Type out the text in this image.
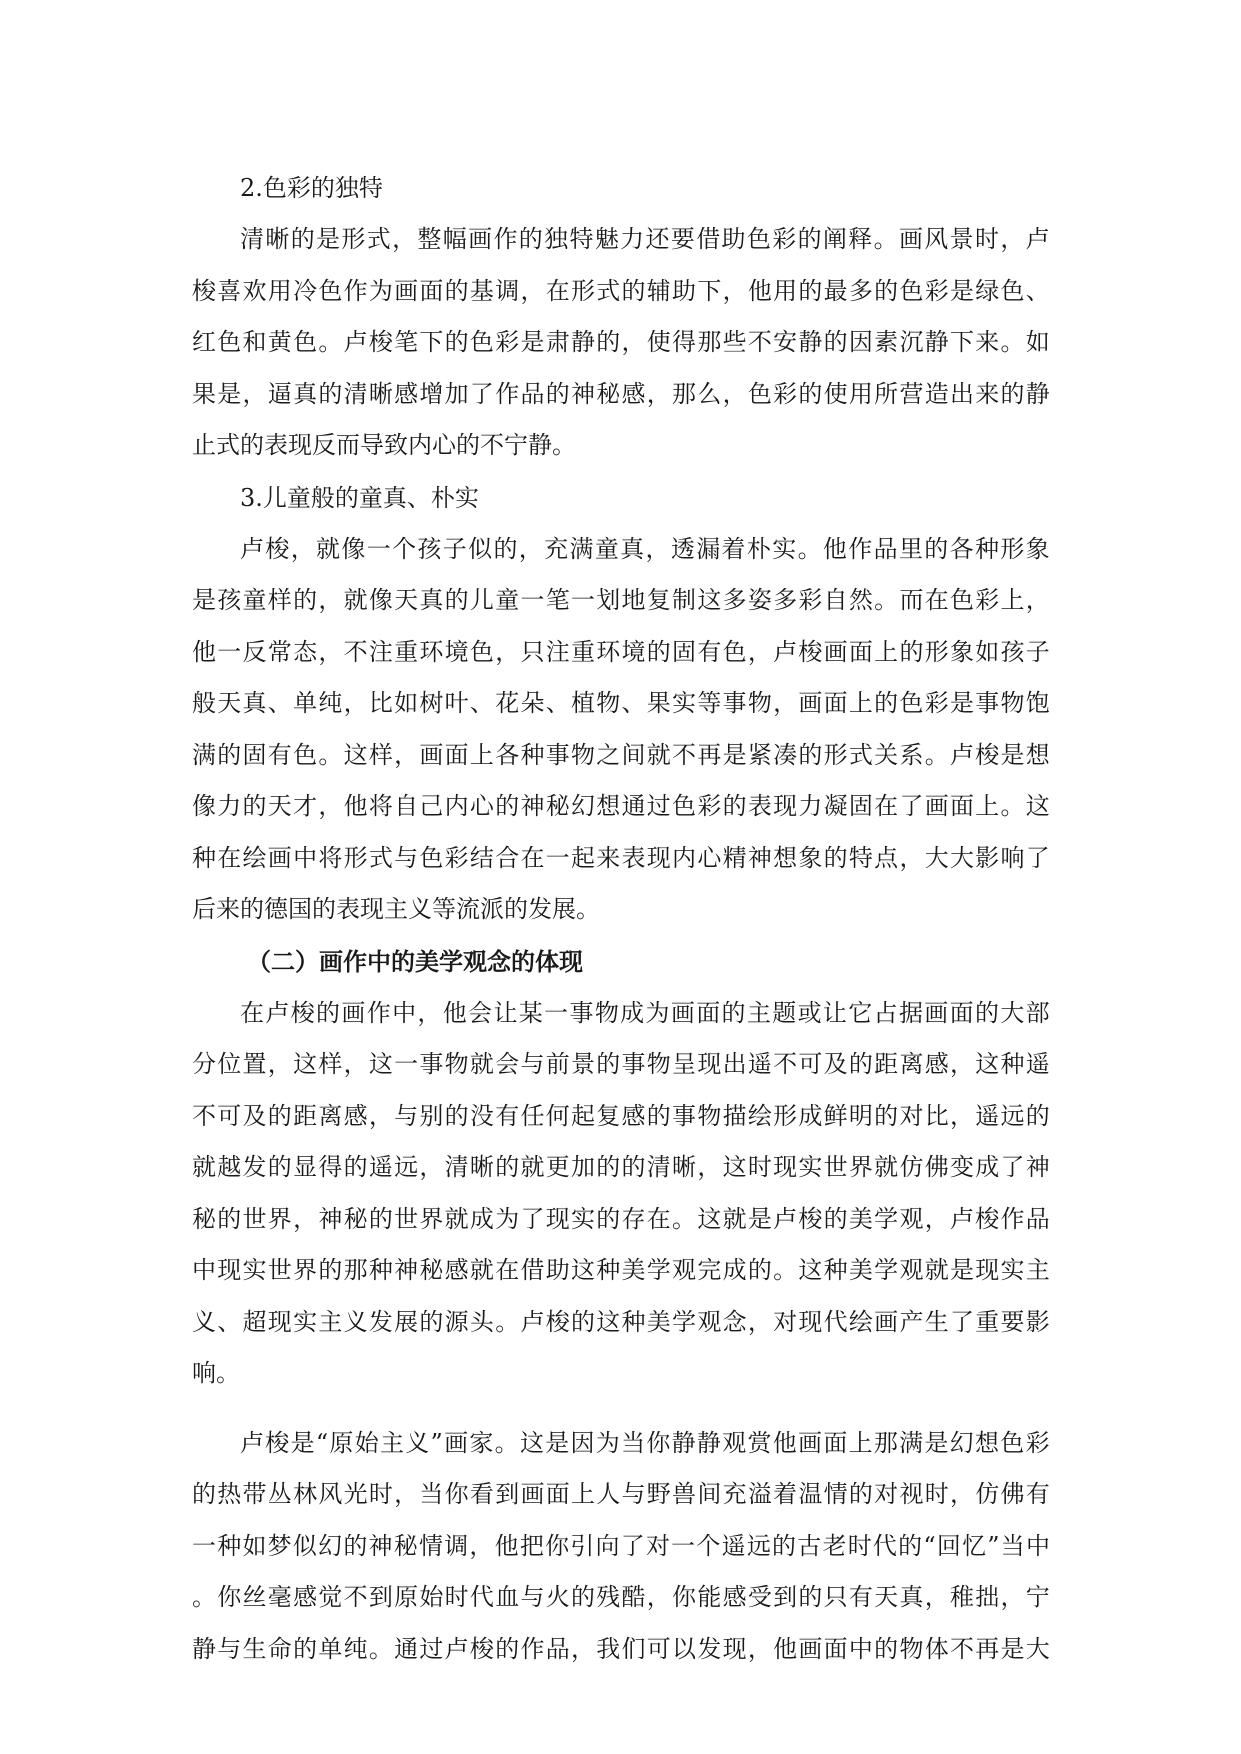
2.色彩的独特
清 晰 的 是 形 式 ， 整 幅 画 作 的 独 特 魅 力 还 要 借 助 色 彩 的 阐 释 。 画 风 景 时 ， 卢
梭 喜 欢 用 冷 色 作 为 画 面 的 基 调 ， 在 形 式 的 辅 助 下 ， 他 用 的 最 多 的 色 彩 是 绿 色 、
红 色 和 黄 色 。 卢 梭 笔 下 的 色 彩 是 肃 静 的 ， 使 得 那 些 不 安 静 的 因 素 沉 静 下 来 。 如
果 是 ， 逼 真 的 清 晰 感 增 加 了 作 品 的 神 秘 感 ， 那 么 ， 色 彩 的 使 用 所 营 造 出 来 的 静
止式的表现反而导致内心的不宁静。
3.儿童般的童真、朴实
卢 梭 ， 就 像 一 个 孩 子 似 的 ， 充 满 童 真 ， 透 漏 着 朴 实 。 他 作 品 里 的 各 种 形 象
是 孩 童 样 的 ， 就 像 天 真 的 儿 童 一 笔 一 划 地 复 制 这 多 姿 多 彩 自 然 。 而 在 色 彩 上 ，
他 一 反 常 态 ， 不 注 重 环 境 色 ， 只 注 重 环 境 的 固 有 色 ， 卢 梭 画 面 上 的 形 象 如 孩 子
般 天 真 、 单 纯 ， 比 如 树 叶 、 花 朵 、 植 物 、 果 实 等 事 物 ， 画 面 上 的 色 彩 是 事 物 饱
满 的 固 有 色 。 这 样 ， 画 面 上 各 种 事 物 之 间 就 不 再 是 紧 凑 的 形 式 关 系 。 卢 梭 是 想
像 力 的 天 才 ， 他 将 自 己 内 心 的 神 秘 幻 想 通 过 色 彩 的 表 现 力 凝 固 在 了 画 面 上 。 这
种 在 绘 画 中 将 形 式 与 色 彩 结 合 在 一 起 来 表 现 内 心 精 神 想 象 的 特 点 ， 大 大 影 响 了
后来的德国的表现主义等流派的发展。
（二）画作中的美学观念的体现
在 卢 梭 的 画 作 中 ， 他 会 让 某 一 事 物 成 为 画 面 的 主 题 或 让 它 占 据 画 面 的 大 部
分 位 置 ， 这 样 ， 这 一 事 物 就 会 与 前 景 的 事 物 呈 现 出 遥 不 可 及 的 距 离 感 ， 这 种 遥
不 可 及 的 距 离 感 ， 与 别 的 没 有 任 何 起 复 感 的 事 物 描 绘 形 成 鲜 明 的 对 比 ， 遥 远 的
就 越 发 的 显 得 的 遥 远 ， 清 晰 的 就 更 加 的 的 清 晰 ， 这 时 现 实 世 界 就 仿 佛 变 成 了 神
秘 的 世 界 ， 神 秘 的 世 界 就 成 为 了 现 实 的 存 在 。 这 就 是 卢 梭 的 美 学 观 ， 卢 梭 作 品
中 现 实 世 界 的 那 种 神 秘 感 就 在 借 助 这 种 美 学 观 完 成 的 。 这 种 美 学 观 就 是 现 实 主
义 、 超 现 实 主 义 发 展 的 源 头 。 卢 梭 的 这 种 美 学 观 念 ， 对 现 代 绘 画 产 生 了 重 要 影
响。
卢 梭 是 “ 原 始 主 义 ” 画 家 。 这 是 因 为 当 你 静 静 观 赏 他 画 面 上 那 满 是 幻 想 色 彩
的 热 带 丛 林 风 光 时 ， 当 你 看 到 画 面 上 人 与 野 兽 间 充 溢 着 温 情 的 对 视 时 ， 仿 佛 有
一 种 如 梦 似 幻 的 神 秘 情 调 ， 他 把 你 引 向 了 对 一 个 遥 远 的 古 老 时 代 的 “ 回 忆 ” 当 中
。 你 丝 毫 感 觉 不 到 原 始 时 代 血 与 火 的 残 酷 ， 你 能 感 受 到 的 只 有 天 真 ， 稚 拙 ， 宁
静 与 生 命 的 单 纯 。 通 过 卢 梭 的 作 品 ， 我 们 可 以 发 现 ， 他 画 面 中 的 物 体 不 再 是 大
